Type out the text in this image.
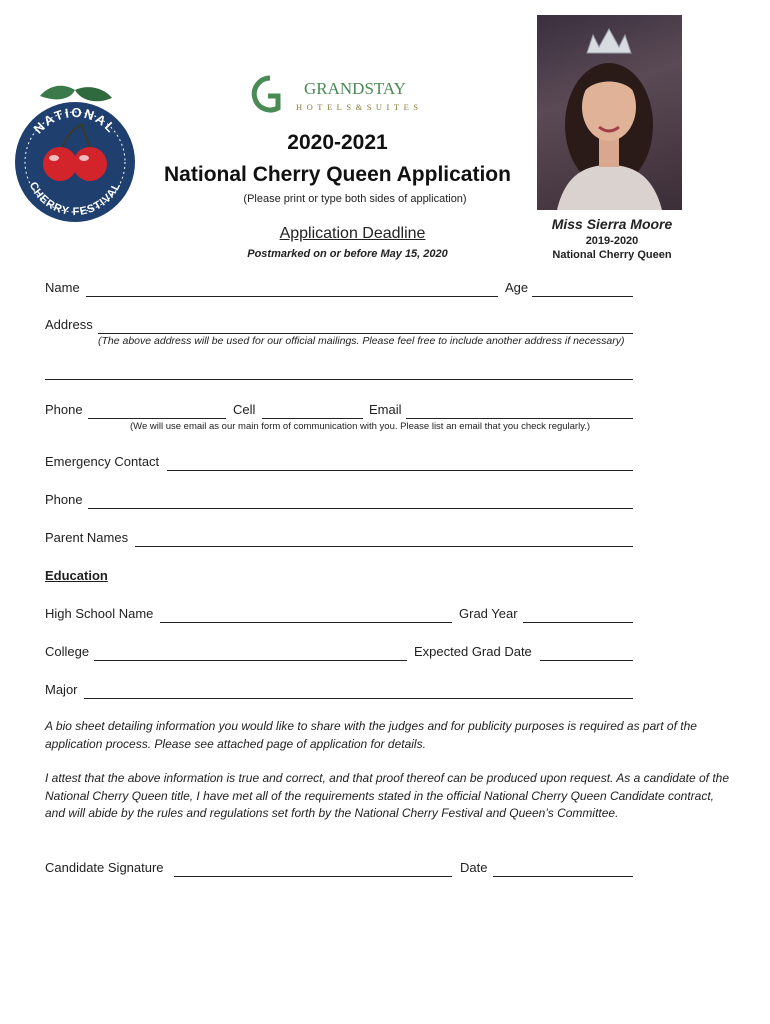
NATIONAL
CHERRY FESTIVAL
GRANDSTAY
HOTELS&SUITES
2020-2021
National Cherry Queen Application
(Please print or type both sides of application)
Application Deadline
Postmarked on or before May 15, 2020
Miss Sierra Moore
2019-2020
National Cherry Queen
Name	Age
Address
(The above address will be used for our official mailings. Please feel free to include another address if necessary)
Phone	Cell	Email
(We will use email as our main form of communication with you. Please list an email that you check regularly.)
Emergency Contact
Phone
Parent Names
Education
High School Name	Grad Year
College	Expected Grad Date
Major
A bio sheet detailing information you would like to share with the judges and for publicity purposes is required as part of the application process. Please see attached page of application for details.
I attest that the above information is true and correct, and that proof thereof can be produced upon request. As a candidate of the National Cherry Queen title, I have met all of the requirements stated in the official National Cherry Queen Candidate contract, and will abide by the rules and regulations set forth by the National Cherry Festival and Queen’s Committee.
Candidate Signature	Date
